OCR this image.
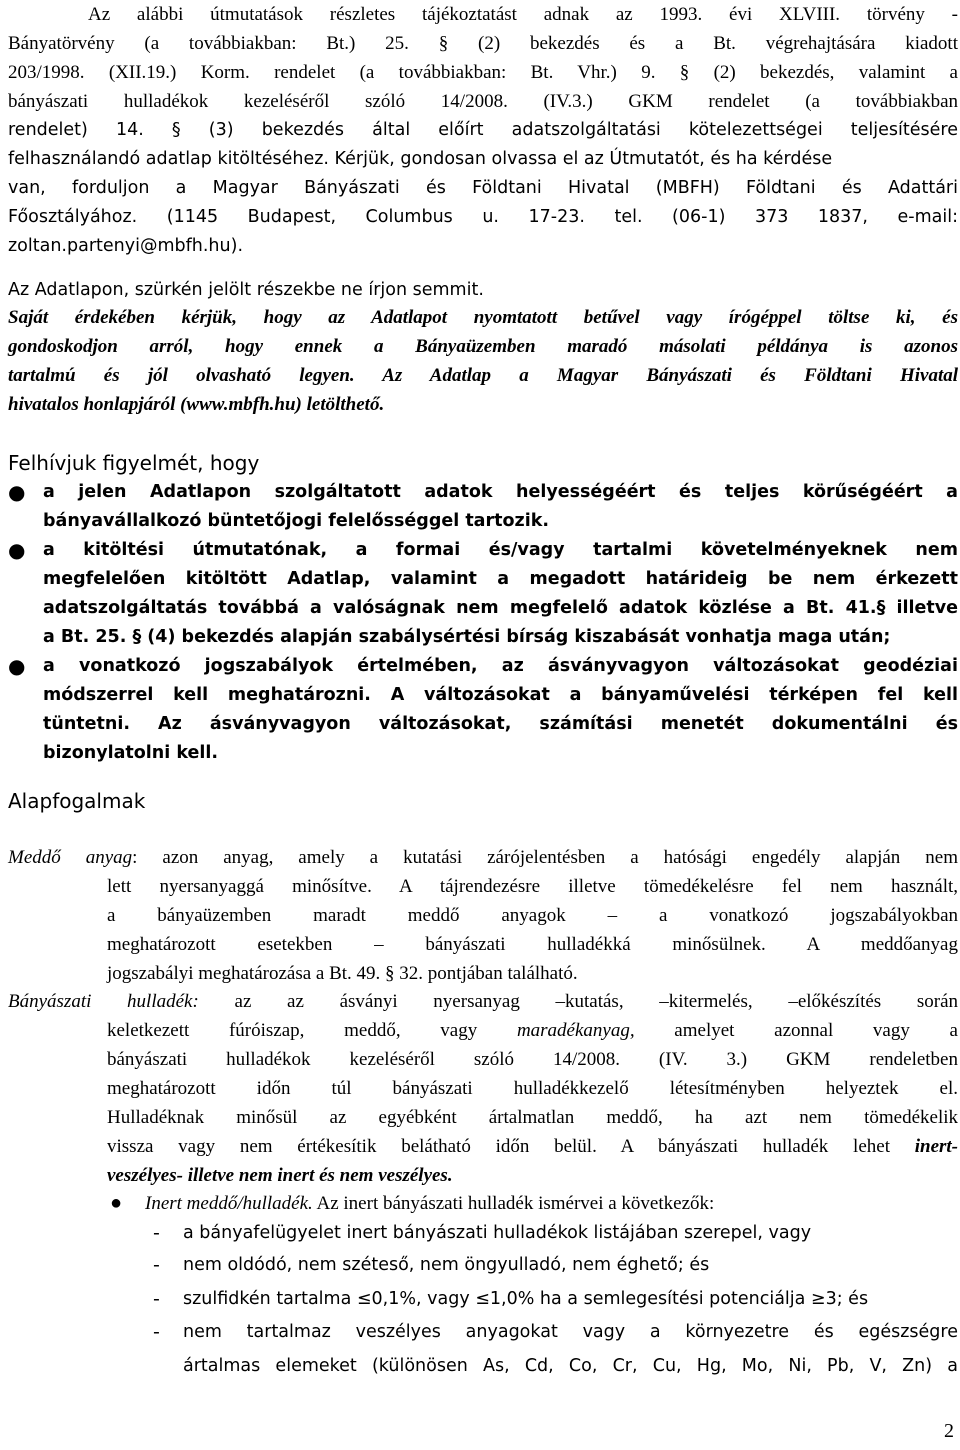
Az alábbi útmutatások részletes tájékoztatást adnak az 1993. évi XLVIII. törvény -
Bányatörvény (a továbbiakban: Bt.) 25. § (2) bekezdés és a Bt. végrehajtására kiadott
203/1998. (XII.19.) Korm. rendelet (a továbbiakban: Bt. Vhr.) 9. § (2) bekezdés, valamint a
bányászati hulladékok kezeléséről szóló 14/2008. (IV.3.) GKM rendelet (a továbbiakban
rendelet) 14. § (3) bekezdés által előírt adatszolgáltatási kötelezettségei teljesítésére
felhasználandó adatlap kitöltéséhez. Kérjük, gondosan olvassa el az Útmutatót, és ha kérdése
van, forduljon a Magyar Bányászati és Földtani Hivatal (MBFH) Földtani és Adattári
Főosztályához. (1145 Budapest, Columbus u. 17-23. tel. (06-1) 373 1837, e-mail:
zoltan.partenyi@mbfh.hu).
Az Adatlapon, szürkén jelölt részekbe ne írjon semmit.
Saját érdekében kérjük, hogy az Adatlapot nyomtatott betűvel vagy írógéppel töltse ki, és
gondoskodjon arról, hogy ennek a Bányaüzemben maradó másolati példánya is azonos
tartalmú és jól olvasható legyen. Az Adatlap a Magyar Bányászati és Földtani Hivatal
hivatalos honlapjáról (www.mbfh.hu) letölthető.
Felhívjuk figyelmét, hogy
● a jelen Adatlapon szolgáltatott adatok helyességéért és teljes körűségéért a
bányavállalkozó büntetőjogi felelősséggel tartozik.
● a kitöltési útmutatónak, a formai és/vagy tartalmi követelményeknek nem
megfelelően kitöltött Adatlap, valamint a megadott határideig be nem érkezett
adatszolgáltatás továbbá a valóságnak nem megfelelő adatok közlése a Bt. 41.§ illetve
a Bt. 25. § (4) bekezdés alapján szabálysértési bírság kiszabását vonhatja maga után;
● a vonatkozó jogszabályok értelmében, az ásványvagyon változásokat geodéziai
módszerrel kell meghatározni. A változásokat a bányaművelési térképen fel kell
tüntetni. Az ásványvagyon változásokat, számítási menetét dokumentálni és
bizonylatolni kell.
Alapfogalmak
Meddő anyag: azon anyag, amely a kutatási zárójelentésben a hatósági engedély alapján nem
lett nyersanyaggá minősítve. A tájrendezésre illetve tömedékelésre fel nem használt,
a bányaüzemben maradt meddő anyagok – a vonatkozó jogszabályokban
meghatározott esetekben – bányászati hulladékká minősülnek. A meddőanyag
jogszabályi meghatározása a Bt. 49. § 32. pontjában található.
Bányászati hulladék: az az ásványi nyersanyag –kutatás, –kitermelés, –előkészítés során
keletkezett fúróiszap, meddő, vagy maradékanyag, amelyet azonnal vagy a
bányászati hulladékok kezeléséről szóló 14/2008. (IV. 3.) GKM rendeletben
meghatározott időn túl bányászati hulladékkezelő létesítményben helyeztek el.
Hulladéknak minősül az egyébként ártalmatlan meddő, ha azt nem tömedékelik
vissza vagy nem értékesítik belátható időn belül. A bányászati hulladék lehet inert-
veszélyes- illetve nem inert és nem veszélyes.
● Inert meddő/hulladék. Az inert bányászati hulladék ismérvei a következők:
- a bányafelügyelet inert bányászati hulladékok listájában szerepel, vagy
- nem oldódó, nem széteső, nem öngyulladó, nem éghető; és
- szulfidkén tartalma ≤0,1%, vagy ≤1,0% ha a semlegesítési potenciálja ≥3; és
- nem tartalmaz veszélyes anyagokat vagy a környezetre és egészségre
ártalmas elemeket (különösen As, Cd, Co, Cr, Cu, Hg, Mo, Ni, Pb, V, Zn) a
2
